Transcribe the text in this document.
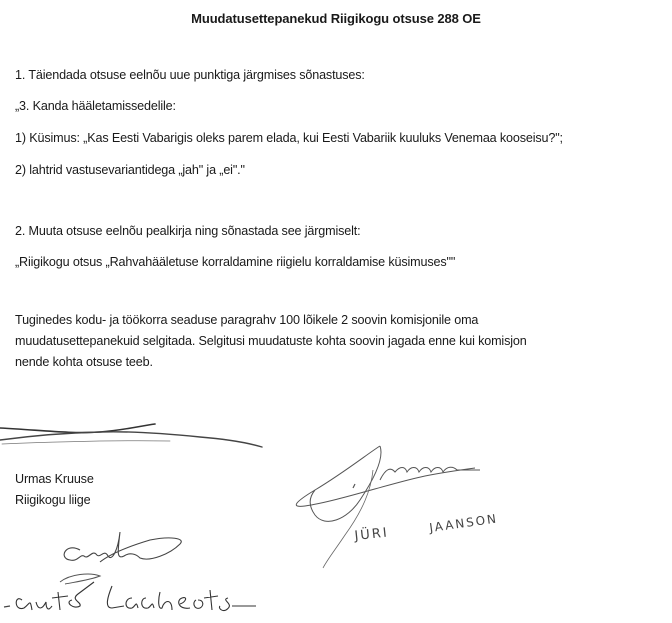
Muudatusettepanekud Riigikogu otsuse 288 OE
1. Täiendada otsuse eelnõu uue punktiga järgmises sõnastuses:
„3. Kanda hääletamissedelile:
1) Küsimus: „Kas Eesti Vabarigis oleks parem elada, kui Eesti Vabariik kuuluks Venemaa kooseisu?";
2) lahtrid vastusevariantidega „jah" ja „ei"."
2. Muuta otsuse eelnõu pealkirja ning sõnastada see järgmiselt:
„Riigikogu otsus „Rahvahääletuse korraldamine riigielu korraldamise küsimuses""
Tuginedes kodu- ja töökorra seaduse paragrahv 100 lõikele 2 soovin komisjonile oma
muudatusettepanekuid selgitada. Selgitusi muudatuste kohta soovin jagada enne kui komisjon
nende kohta otsuse teeb.
Urmas Kruuse
Riigikogu liige
JÜRI	JAANSON
